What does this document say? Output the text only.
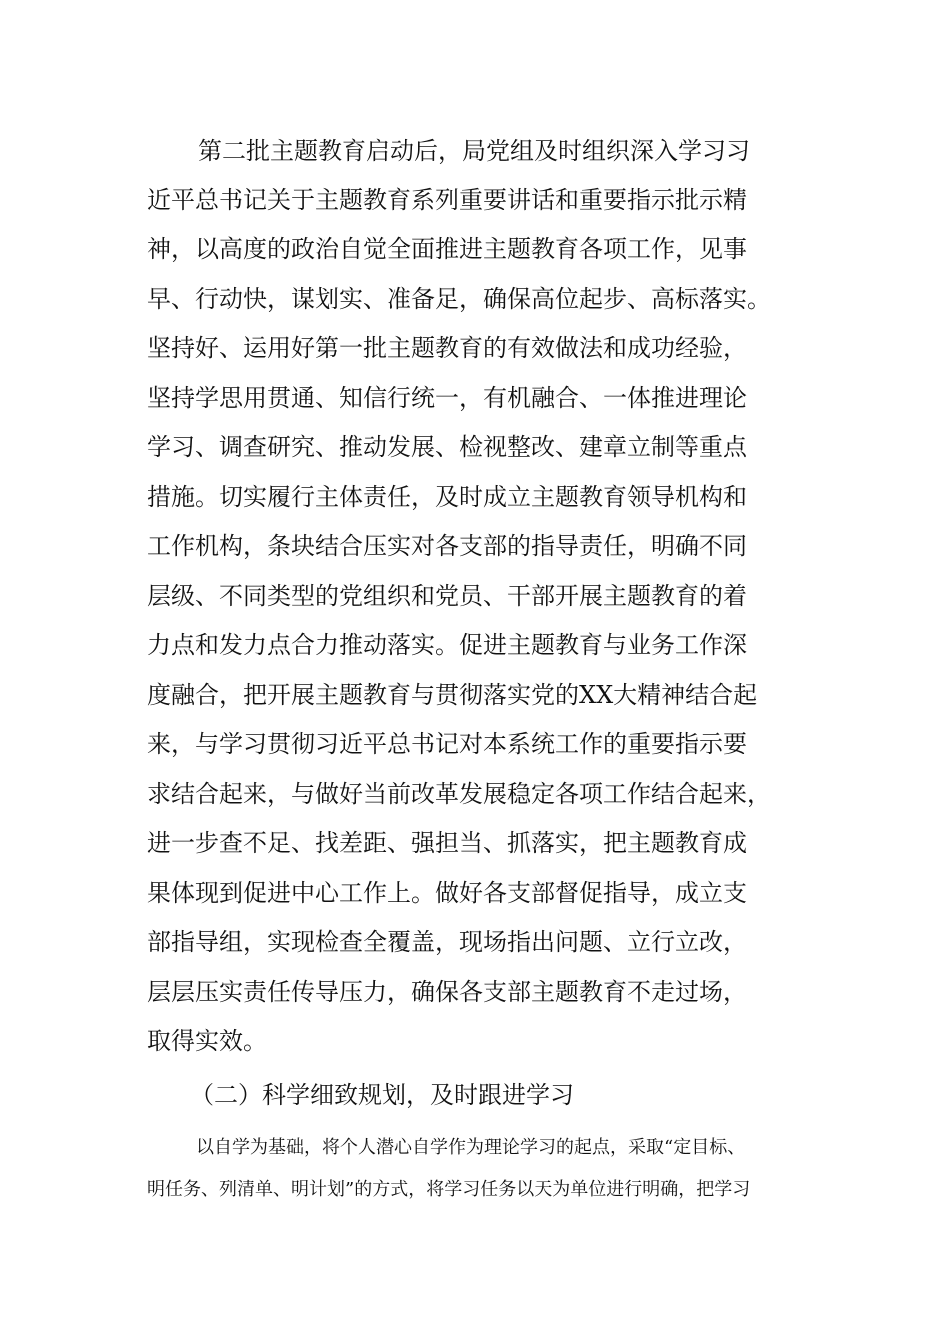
第二批主题教育启动后，局党组及时组织深入学习习
近平总书记关于主题教育系列重要讲话和重要指示批示精
神，以高度的政治自觉全面推进主题教育各项工作，见事
早、行动快，谋划实、准备足，确保高位起步、高标落实。
坚持好、运用好第一批主题教育的有效做法和成功经验，
坚持学思用贯通、知信行统一，有机融合、一体推进理论
学习、调查研究、推动发展、检视整改、建章立制等重点
措施。切实履行主体责任，及时成立主题教育领导机构和
工作机构，条块结合压实对各支部的指导责任，明确不同
层级、不同类型的党组织和党员、干部开展主题教育的着
力点和发力点合力推动落实。促进主题教育与业务工作深
度融合，把开展主题教育与贯彻落实党的XX大精神结合起
来，与学习贯彻习近平总书记对本系统工作的重要指示要
求结合起来，与做好当前改革发展稳定各项工作结合起来，
进一步查不足、找差距、强担当、抓落实，把主题教育成
果体现到促进中心工作上。做好各支部督促指导，成立支
部指导组，实现检查全覆盖，现场指出问题、立行立改，
层层压实责任传导压力，确保各支部主题教育不走过场，
取得实效。
（二）科学细致规划，及时跟进学习
以自学为基础，将个人潜心自学作为理论学习的起点，采取“定目标、
明任务、列清单、明计划”的方式，将学习任务以天为单位进行明确，把学习
